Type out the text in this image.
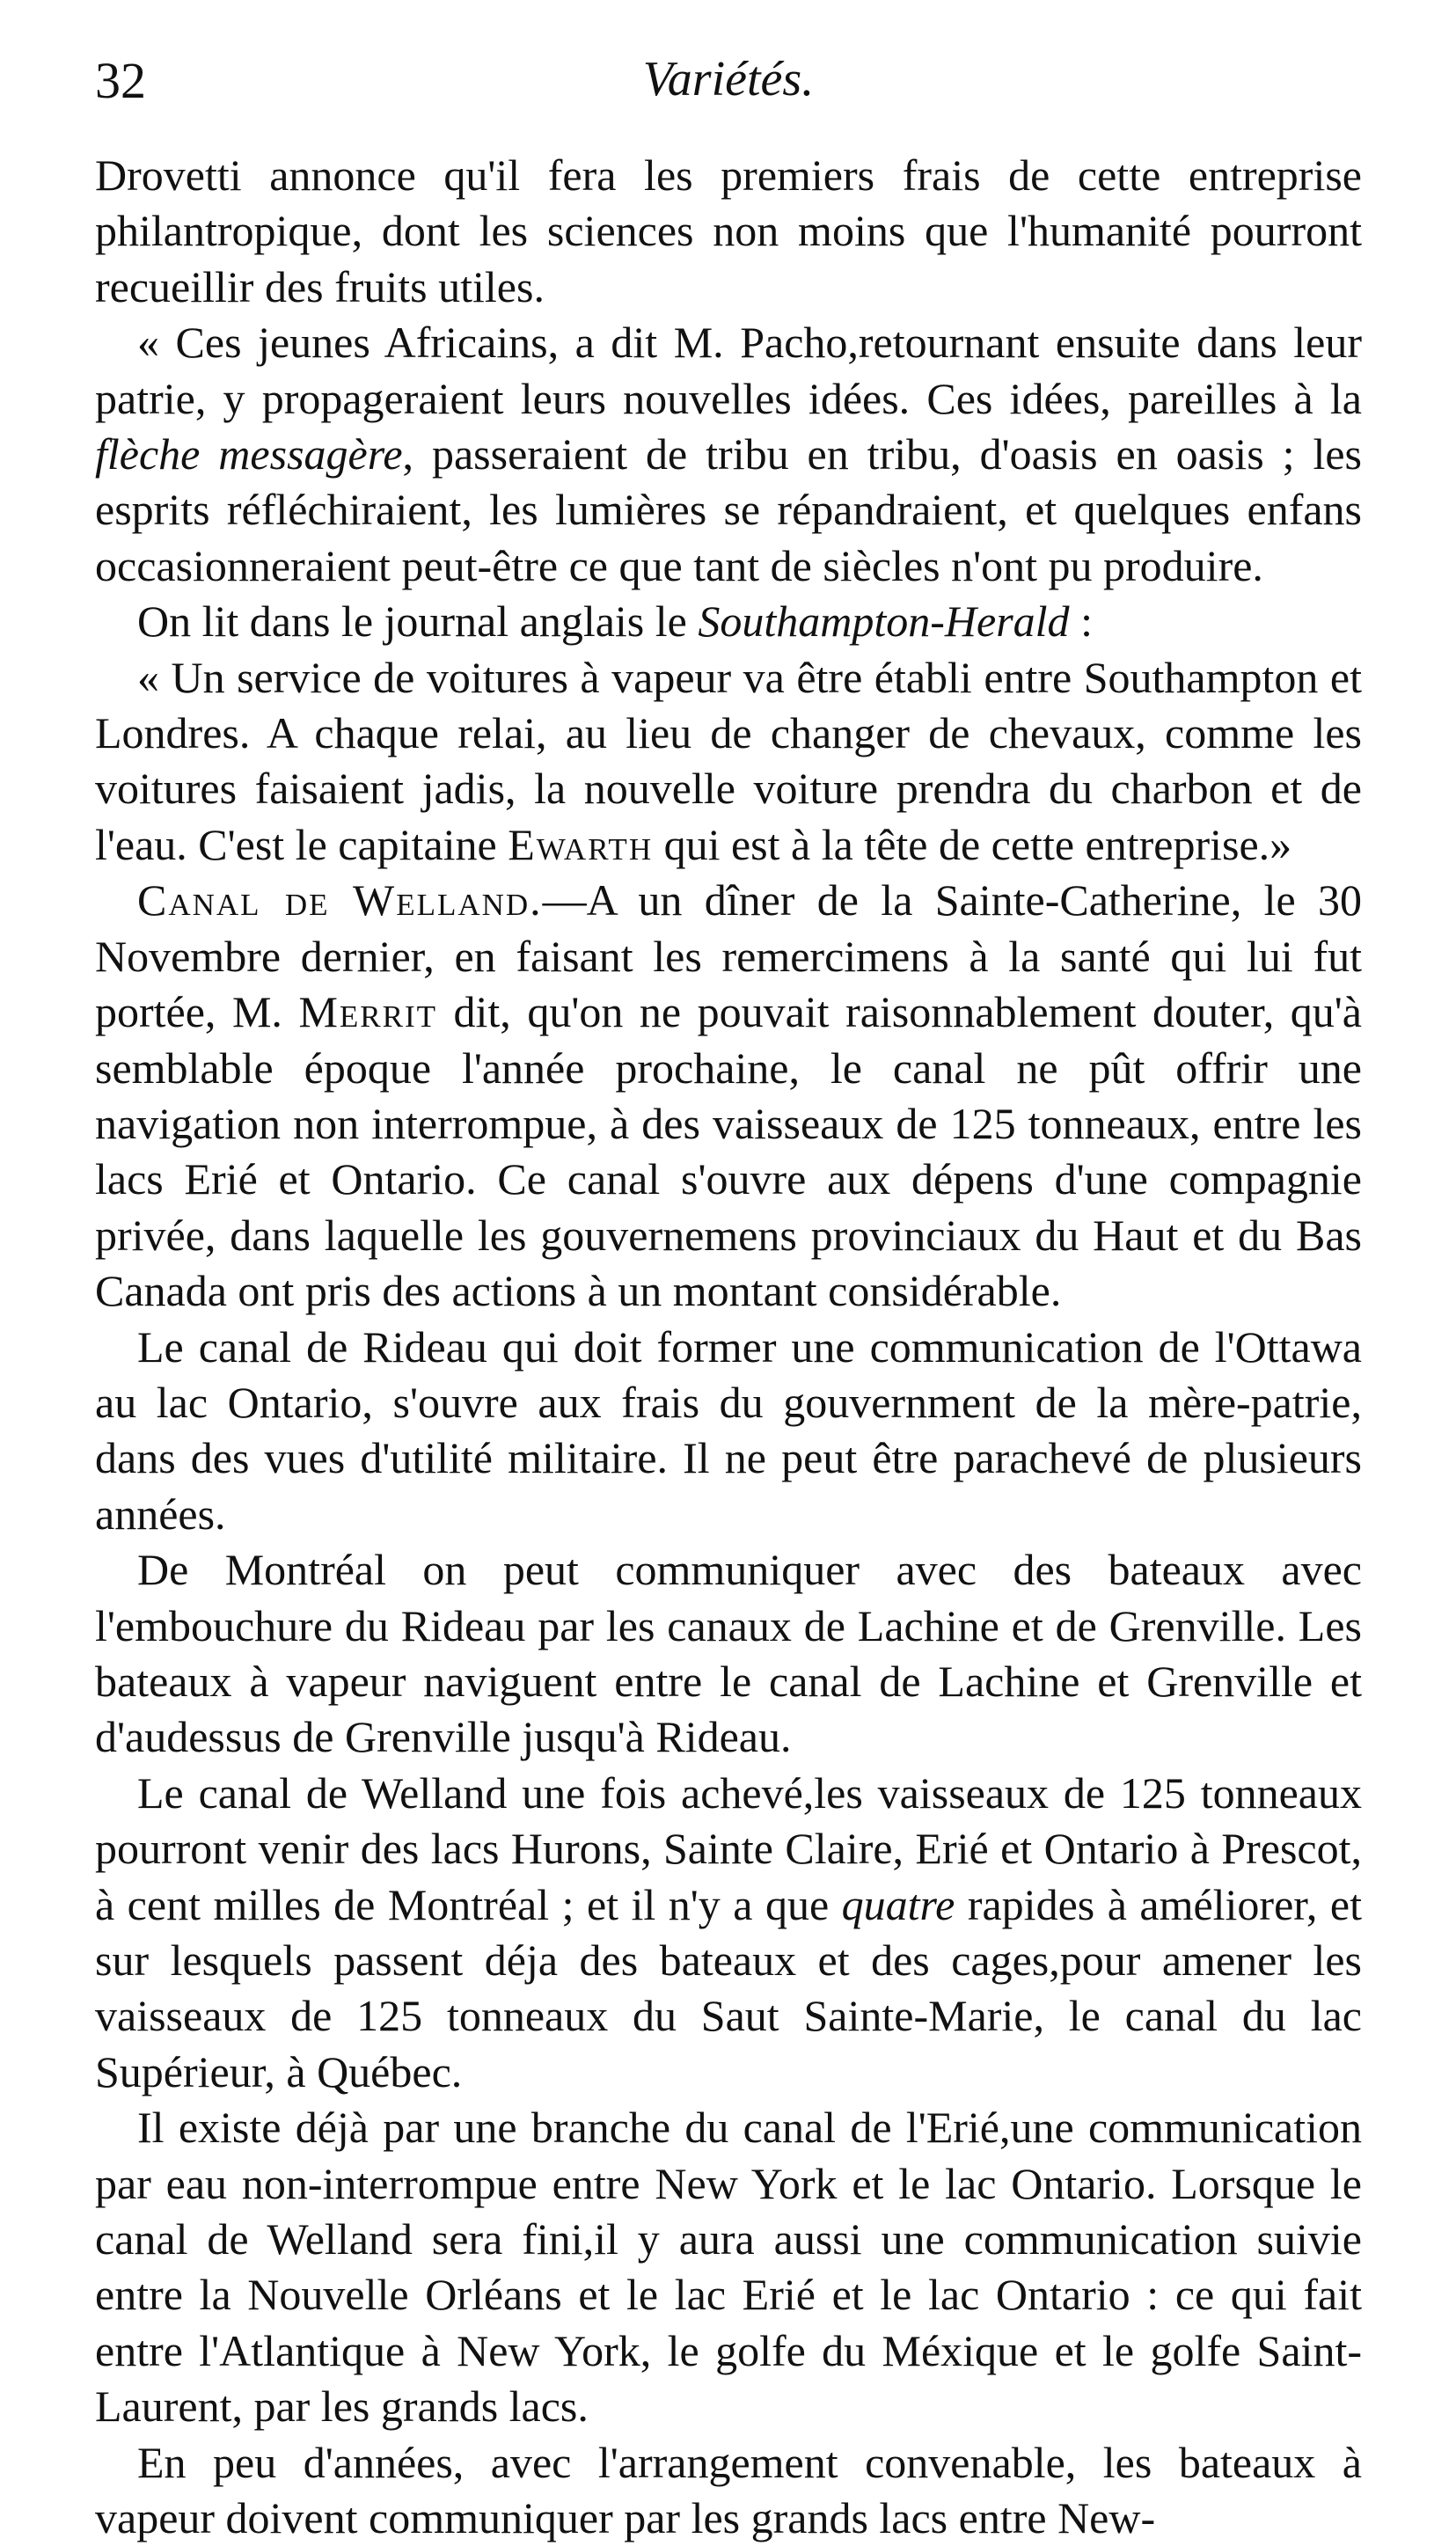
32	Variétés.

Drovetti annonce qu'il fera les premiers frais de cette entreprise philantropique, dont les sciences non moins que l'humanité pourront recueillir des fruits utiles.

« Ces jeunes Africains, a dit M. Pacho,retournant ensuite dans leur patrie, y propageraient leurs nouvelles idées. Ces idées, pareilles à la flèche messagère, passeraient de tribu en tribu, d'oasis en oasis ; les esprits réfléchiraient, les lumières se répandraient, et quelques enfans occasionneraient peut-être ce que tant de siècles n'ont pu produire.

On lit dans le journal anglais le Southampton-Herald :

« Un service de voitures à vapeur va être établi entre Southampton et Londres. A chaque relai, au lieu de changer de chevaux, comme les voitures faisaient jadis, la nouvelle voiture prendra du charbon et de l'eau. C'est le capitaine Ewarth qui est à la tête de cette entreprise.»

Canal de Welland.—A un dîner de la Sainte-Catherine, le 30 Novembre dernier, en faisant les remercimens à la santé qui lui fut portée, M. Merrit dit, qu'on ne pouvait raisonnablement douter, qu'à semblable époque l'année prochaine, le canal ne pût offrir une navigation non interrompue, à des vaisseaux de 125 tonneaux, entre les lacs Erié et Ontario. Ce canal s'ouvre aux dépens d'une compagnie privée, dans laquelle les gouvernemens provinciaux du Haut et du Bas Canada ont pris des actions à un montant considérable.

Le canal de Rideau qui doit former une communication de l'Ottawa au lac Ontario, s'ouvre aux frais du gouvernment de la mère-patrie, dans des vues d'utilité militaire. Il ne peut être parachevé de plusieurs années.

De Montréal on peut communiquer avec des bateaux avec l'embouchure du Rideau par les canaux de Lachine et de Grenville. Les bateaux à vapeur naviguent entre le canal de Lachine et Grenville et d'audessus de Grenville jusqu'à Rideau.

Le canal de Welland une fois achevé,les vaisseaux de 125 tonneaux pourront venir des lacs Hurons, Sainte Claire, Erié et Ontario à Prescot, à cent milles de Montréal ; et il n'y a que quatre rapides à améliorer, et sur lesquels passent déja des bateaux et des cages,pour amener les vaisseaux de 125 tonneaux du Saut Sainte-Marie, le canal du lac Supérieur, à Québec.

Il existe déjà par une branche du canal de l'Erié,une communication par eau non-interrompue entre New York et le lac Ontario. Lorsque le canal de Welland sera fini,il y aura aussi une communication suivie entre la Nouvelle Orléans et le lac Erié et le lac Ontario : ce qui fait entre l'Atlantique à New York, le golfe du Méxique et le golfe Saint-Laurent, par les grands lacs.

En peu d'années, avec l'arrangement convenable, les bateaux à vapeur doivent communiquer par les grands lacs entre New-
